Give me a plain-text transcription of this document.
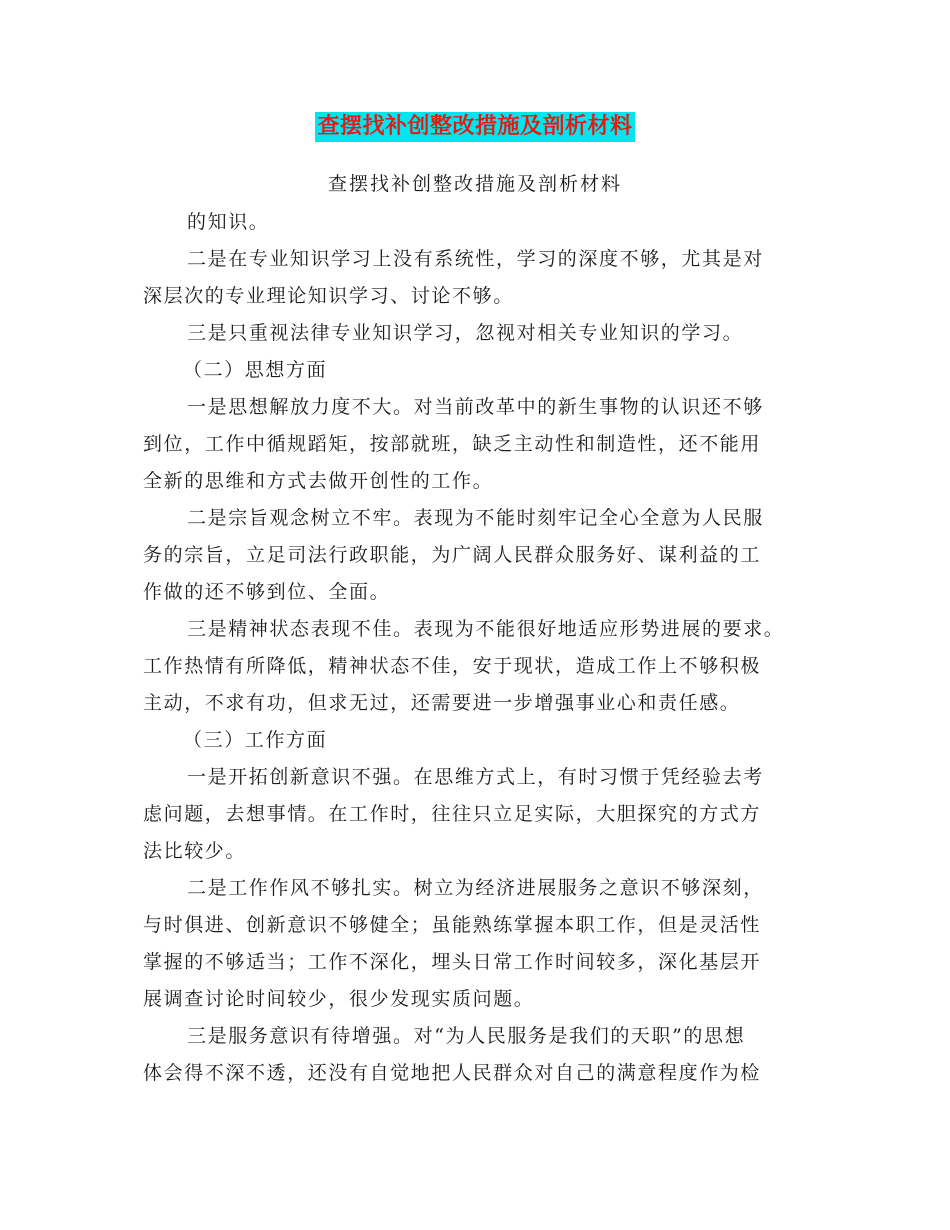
查摆找补创整改措施及剖析材料
查摆找补创整改措施及剖析材料
的知识。
二是在专业知识学习上没有系统性，学习的深度不够，尤其是对
深层次的专业理论知识学习、讨论不够。
三是只重视法律专业知识学习，忽视对相关专业知识的学习。
（二）思想方面
一是思想解放力度不大。对当前改革中的新生事物的认识还不够
到位，工作中循规蹈矩，按部就班，缺乏主动性和制造性，还不能用
全新的思维和方式去做开创性的工作。
二是宗旨观念树立不牢。表现为不能时刻牢记全心全意为人民服
务的宗旨，立足司法行政职能，为广阔人民群众服务好、谋利益的工
作做的还不够到位、全面。
三是精神状态表现不佳。表现为不能很好地适应形势进展的要求。
工作热情有所降低，精神状态不佳，安于现状，造成工作上不够积极
主动，不求有功，但求无过，还需要进一步增强事业心和责任感。
（三）工作方面
一是开拓创新意识不强。在思维方式上，有时习惯于凭经验去考
虑问题，去想事情。在工作时，往往只立足实际，大胆探究的方式方
法比较少。
二是工作作风不够扎实。树立为经济进展服务之意识不够深刻，
与时俱进、创新意识不够健全；虽能熟练掌握本职工作，但是灵活性
掌握的不够适当；工作不深化，埋头日常工作时间较多，深化基层开
展调查讨论时间较少，很少发现实质问题。
三是服务意识有待增强。对“为人民服务是我们的天职”的思想
体会得不深不透，还没有自觉地把人民群众对自己的满意程度作为检
